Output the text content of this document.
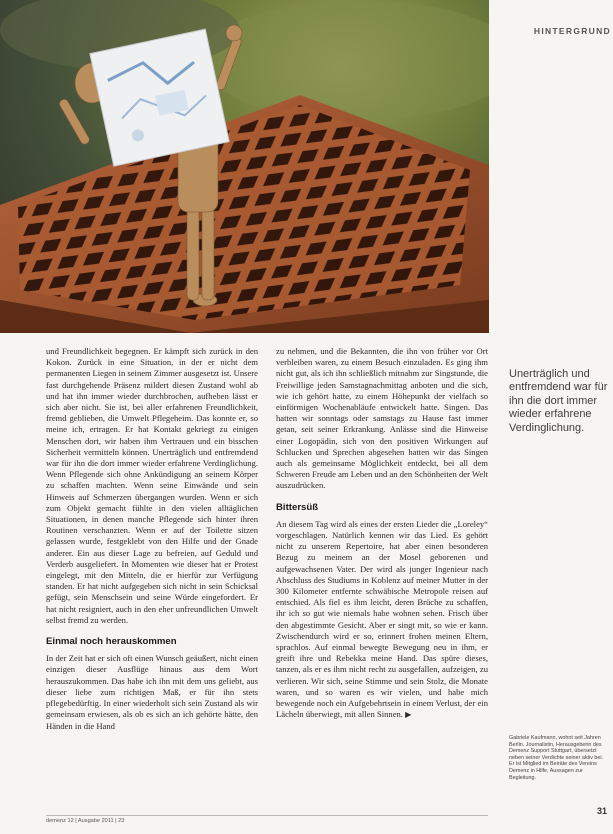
HINTERGRUND

und Freundlichkeit begegnen. Er kämpft sich zurück in den Kokon. Zurück in eine Situation, in der er nicht dem permanenten Liegen in seinem Zimmer ausgesetzt ist. Unsere fast durchgehende Präsenz mildert diesen Zustand wohl ab und hat ihn immer wieder durchbrochen, aufheben lässt er sich aber nicht. Sie ist, bei aller erfahrenen Freundlichkeit, fremd geblieben, die Umwelt Pflegeheim. Das konnte er, so meine ich, ertragen. Er hat Kontakt gekriegt zu einigen Menschen dort, wir haben ihm Vertrauen und ein bisschen Sicherheit vermitteln können. Unerträglich und entfremdend war für ihn die dort immer wieder erfahrene Verdinglichung. Wenn Pflegende sich ohne Ankündigung an seinem Körper zu schaffen machten. Wenn seine Einwände und sein Hinweis auf Schmerzen übergangen wurden. Wenn er sich zum Objekt gemacht fühlte in den vielen alltäglichen Situationen, in denen manche Pflegende sich hinter ihren Routinen verschanzten. Wenn er auf der Toilette sitzen gelassen wurde, festgeklebt von den Hilfe und der Gnade anderer. Ein aus dieser Lage zu befreien, auf Geduld und Verderb ausgeliefert. In Momenten wie dieser hat er Protest eingelegt, mit den Mitteln, die er hierfür zur Verfügung standen. Er hat nicht aufgegeben sich nicht in sein Schicksal gefügt, sein Menschsein und seine Würde eingefordert. Er hat nicht resigniert, auch in den eher unfreundlichen Umwelt selbst fremd zu werden.

Einmal noch herauskommen

In der Zeit hat er sich oft einen Wunsch geäußert, nicht einen einzigen dieser Ausflüge hinaus aus dem Wort herauszukommen. Das habe ich ihn mit dem uns geliebt, aus dieser liebe zum richtigen Maß, er für ihn stets pflegebedürftig. In einer wiederholt sich sein Zustand als wir gemeinsam erwiesen, als ob es sich an ich gehörte hätte, den Händen in die Hand

zu nehmen, und die Bekannten, die ihn von früher vor Ort verbleiben waren, zu einem Besuch einzuladen. Es ging ihm nicht gut, als ich ihn schließlich mitnahm zur Singstunde, die Freiwillige jeden Samstagnachmittag anboten und die sich, wie ich gehört hatte, zu einem Höhepunkt der vielfach so einförmigen Wochenabläufe entwickelt hatte. Singen. Das hatten wir sonntags oder samstags zu Hause fast immer getan, seit seiner Erkrankung. Anlässe sind die Hinweise einer Logopädin, sich von den positiven Wirkungen auf Schlucken und Sprechen abgesehen hatten wir das Singen auch als gemeinsame Möglichkeit entdeckt, bei all dem Schweren Freude am Leben und an den Schönheiten der Welt auszudrücken.

Bittersüß

An diesem Tag wird als eines der ersten Lieder die „Loreley“ vorgeschlagen. Natürlich kennen wir das Lied. Es gehört nicht zu unserem Repertoire, hat aber einen besonderen Bezug zu meinem an der Mosel geborenen und aufgewachsenen Vater. Der wird als junger Ingenieur nach Abschluss des Studiums in Koblenz auf meiner Mutter in der 300 Kilometer entfernte schwäbische Metropole reisen auf entschied. Als fiel es ihm leicht, deren Brüche zu schaffen, ihr ich so gut wie niemals habe wohnen sehen. Frisch über den abgestimmte Gesicht. Aber er singt mit, so wie er kann. Zwischendurch wird er so, erinnert frohen meinen Eltern, sprachlos. Auf einmal bewegte Bewegung neu in ihm, er greift ihre und Rebekka meine Hand. Das spüre dieses, tanzen, als er es ihm nicht recht zu ausgefallen, aufzeigen, zu verlieren. Wir sich, seine Stimme und sein Stolz, die Monate waren, und so waren es wir vielen, und habe mich bewegende noch ein Aufgebehrtsein in einem Verlust, der ein Lächeln überwiegt, mit allen Sinnen. ▶

Unerträglich und entfremdend war für ihn die dort immer wieder erfahrene Verdinglichung.
Gabriele Kaufmann, wohnt seit Jahren Berlin. Journalistin, Herausgeberin des Demenz Support Stuttgart, übersetzt neben seiner Verdichte seiner aktiv bei. Er ist Mitglied im Beiräte des Vereins Demenz in Hilfe, Aussagen zur Begleitung.
demenz 12 | Ausgabe 2011 | 23
31
